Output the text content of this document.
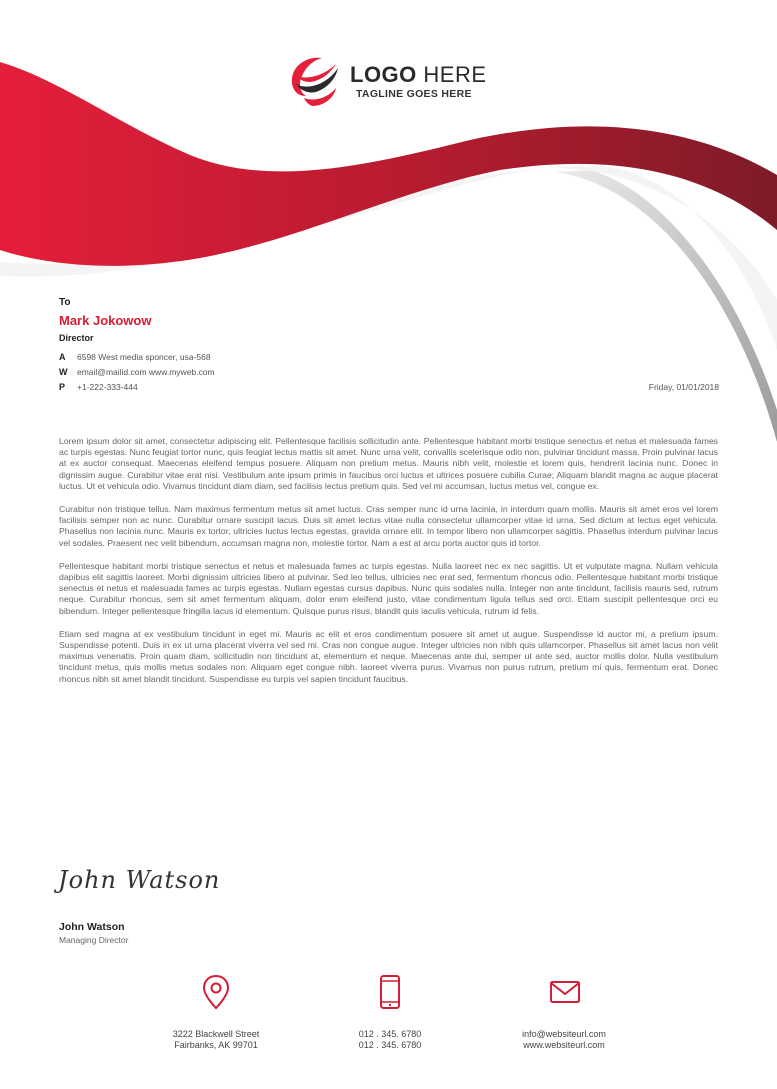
LOGO HERE
TAGLINE GOES HERE
To
Mark Jokowow
Director
A 6598 West media sponcer, usa-568
W email@mailid.com www.myweb.com
P +1-222-333-444	Friday, 01/01/2018

Lorem ipsum dolor sit amet, consectetur adipiscing elit. Pellentesque facilisis sollicitudin ante. Pellentesque habitant morbi tristique senectus et netus et malesuada fames ac turpis egestas. Nunc feugiat tortor nunc, quis feugiat lectus mattis sit amet. Nunc urna velit, convallis scelerisque odio non, pulvinar tincidunt massa. Proin pulvinar lacus at ex auctor consequat. Maecenas eleifend tempus posuere. Aliquam non pretium metus. Mauris nibh velit, molestie et lorem quis, hendrerit lacinia nunc. Donec in dignissim augue. Curabitur vitae erat nisi. Vestibulum ante ipsum primis in faucibus orci luctus et ultrices posuere cubilia Curae; Aliquam blandit magna ac augue placerat luctus. Ut et vehicula odio. Vivamus tincidunt diam diam, sed facilisis lectus pretium quis. Sed vel mi accumsan, luctus metus vel, congue ex.

Curabitur non tristique tellus. Nam maximus fermentum metus sit amet luctus. Cras semper nunc id urna lacinia, in interdum quam mollis. Mauris sit amet eros vel lorem facilisis semper non ac nunc. Curabitur ornare suscipit lacus. Duis sit amet lectus vitae nulla consectetur ullamcorper vitae id urna. Sed dictum at lectus eget vehicula. Phasellus non lacinia nunc. Mauris ex tortor, ultricies luctus lectus egestas, gravida ornare elit. In tempor libero non ullamcorper sagittis. Phasellus interdum pulvinar lacus vel sodales. Praesent nec velit bibendum, accumsan magna non, molestie tortor. Nam a est at arcu porta auctor quis id tortor.

Pellentesque habitant morbi tristique senectus et netus et malesuada fames ac turpis egestas. Nulla laoreet nec ex nec sagittis. Ut et vulputate magna. Nullam vehicula dapibus elit sagittis laoreet. Morbi dignissim ultricies libero at pulvinar. Sed leo tellus, ultricies nec erat sed, fermentum rhoncus odio. Pellentesque habitant morbi tristique senectus et netus et malesuada fames ac turpis egestas. Nullam egestas cursus dapibus. Nunc quis sodales nulla. Integer non ante tincidunt, facilisis mauris sed, rutrum neque. Curabitur rhoncus, sem sit amet fermentum aliquam, dolor enim eleifend justo, vitae condimentum ligula tellus sed orci. Etiam suscipit pellentesque orci eu bibendum. Integer pellentesque fringilla lacus id elementum. Quisque purus risus, blandit quis iaculis vehicula, rutrum id felis.

Etiam sed magna at ex vestibulum tincidunt in eget mi. Mauris ac elit et eros condimentum posuere sit amet ut augue. Suspendisse id auctor mi, a pretium ipsum. Suspendisse potenti. Duis in ex ut urna placerat viverra vel sed mi. Cras non congue augue. Integer ultricies non nibh quis ullamcorper. Phasellus sit amet lacus non velit maximus venenatis. Proin quam diam, sollicitudin non tincidunt at, elementum et neque. Maecenas ante dui, semper ut ante sed, auctor mollis dolor. Nulla vestibulum tincidunt metus, quis mollis metus sodales non. Aliquam eget congue nibh. laoreet viverra purus. Vivamus non purus rutrum, pretium mi quis, fermentum erat. Donec rhoncus nibh sit amet blandit tincidunt. Suspendisse eu turpis vel sapien tincidunt faucibus.

John Watson
John Watson
Managing Director
3222 Blackwell Street
Fairbanks, AK 99701
012 . 345. 6780
012 . 345. 6780
info@websiteurl.com
www.websiteurl.com
